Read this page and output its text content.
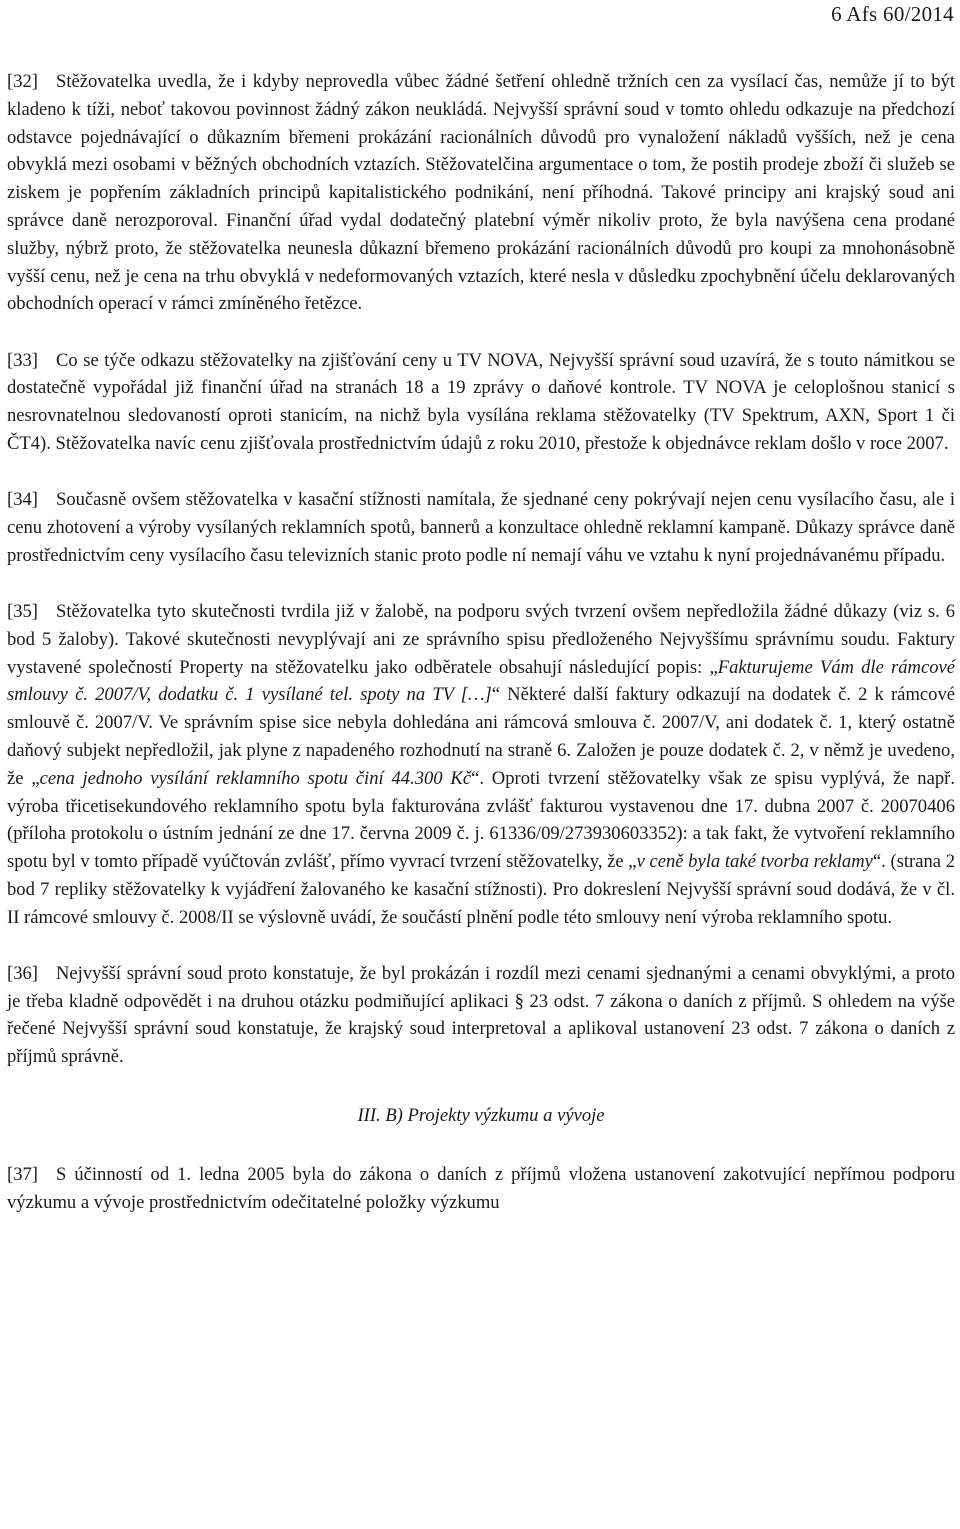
6 Afs 60/2014

[32] Stěžovatelka uvedla, že i kdyby neprovedla vůbec žádné šetření ohledně tržních cen za vysílací čas, nemůže jí to být kladeno k tíži, neboť takovou povinnost žádný zákon neukládá. Nejvyšší správní soud v tomto ohledu odkazuje na předchozí odstavce pojednávající o důkazním břemeni prokázání racionálních důvodů pro vynaložení nákladů vyšších, než je cena obvyklá mezi osobami v běžných obchodních vztazích. Stěžovatelčina argumentace o tom, že postih prodeje zboží či služeb se ziskem je popřením základních principů kapitalistického podnikání, není příhodná. Takové principy ani krajský soud ani správce daně nerozporoval. Finanční úřad vydal dodatečný platební výměr nikoliv proto, že byla navýšena cena prodané služby, nýbrž proto, že stěžovatelka neunesla důkazní břemeno prokázání racionálních důvodů pro koupi za mnohonásobně vyšší cenu, než je cena na trhu obvyklá v nedeformovaných vztazích, které nesla v důsledku zpochybnění účelu deklarovaných obchodních operací v rámci zmíněného řetězce.

[33] Co se týče odkazu stěžovatelky na zjišťování ceny u TV NOVA, Nejvyšší správní soud uzavírá, že s touto námitkou se dostatečně vypořádal již finanční úřad na stranách 18 a 19 zprávy o daňové kontrole. TV NOVA je celoplošnou stanicí s nesrovnatelnou sledovaností oproti stanicím, na nichž byla vysílána reklama stěžovatelky (TV Spektrum, AXN, Sport 1 či ČT4). Stěžovatelka navíc cenu zjišťovala prostřednictvím údajů z roku 2010, přestože k objednávce reklam došlo v roce 2007.

[34] Současně ovšem stěžovatelka v kasační stížnosti namítala, že sjednané ceny pokrývají nejen cenu vysílacího času, ale i cenu zhotovení a výroby vysílaných reklamních spotů, bannerů a konzultace ohledně reklamní kampaně. Důkazy správce daně prostřednictvím ceny vysílacího času televizních stanic proto podle ní nemají váhu ve vztahu k nyní projednávanému případu.

[35] Stěžovatelka tyto skutečnosti tvrdila již v žalobě, na podporu svých tvrzení ovšem nepředložila žádné důkazy (viz s. 6 bod 5 žaloby). Takové skutečnosti nevyplývají ani ze správního spisu předloženého Nejvyššímu správnímu soudu. Faktury vystavené společností Property na stěžovatelku jako odběratele obsahují následující popis: „Fakturujeme Vám dle rámcové smlouvy č. 2007/V, dodatku č. 1 vysílané tel. spoty na TV […]“ Některé další faktury odkazují na dodatek č. 2 k rámcové smlouvě č. 2007/V. Ve správním spise sice nebyla dohledána ani rámcová smlouva č. 2007/V, ani dodatek č. 1, který ostatně daňový subjekt nepředložil, jak plyne z napadeného rozhodnutí na straně 6. Založen je pouze dodatek č. 2, v němž je uvedeno, že „cena jednoho vysílání reklamního spotu činí 44.300 Kč“. Oproti tvrzení stěžovatelky však ze spisu vyplývá, že např. výroba třicetisekundového reklamního spotu byla fakturována zvlášť fakturou vystavenou dne 17. dubna 2007 č. 20070406 (příloha protokolu o ústním jednání ze dne 17. června 2009 č. j. 61336/09/273930603352): a tak fakt, že vytvoření reklamního spotu byl v tomto případě vyúčtován zvlášť, přímo vyvrací tvrzení stěžovatelky, že „v ceně byla také tvorba reklamy“. (strana 2 bod 7 repliky stěžovatelky k vyjádření žalovaného ke kasační stížnosti). Pro dokreslení Nejvyšší správní soud dodává, že v čl. II rámcové smlouvy č. 2008/II se výslovně uvádí, že součástí plnění podle této smlouvy není výroba reklamního spotu.

[36] Nejvyšší správní soud proto konstatuje, že byl prokázán i rozdíl mezi cenami sjednanými a cenami obvyklými, a proto je třeba kladně odpovědět i na druhou otázku podmiňující aplikaci § 23 odst. 7 zákona o daních z příjmů. S ohledem na výše řečené Nejvyšší správní soud konstatuje, že krajský soud interpretoval a aplikoval ustanovení 23 odst. 7 zákona o daních z příjmů správně.

III. B) Projekty výzkumu a vývoje

[37] S účinností od 1. ledna 2005 byla do zákona o daních z příjmů vložena ustanovení zakotvující nepřímou podporu výzkumu a vývoje prostřednictvím odečitatelné položky výzkumu
